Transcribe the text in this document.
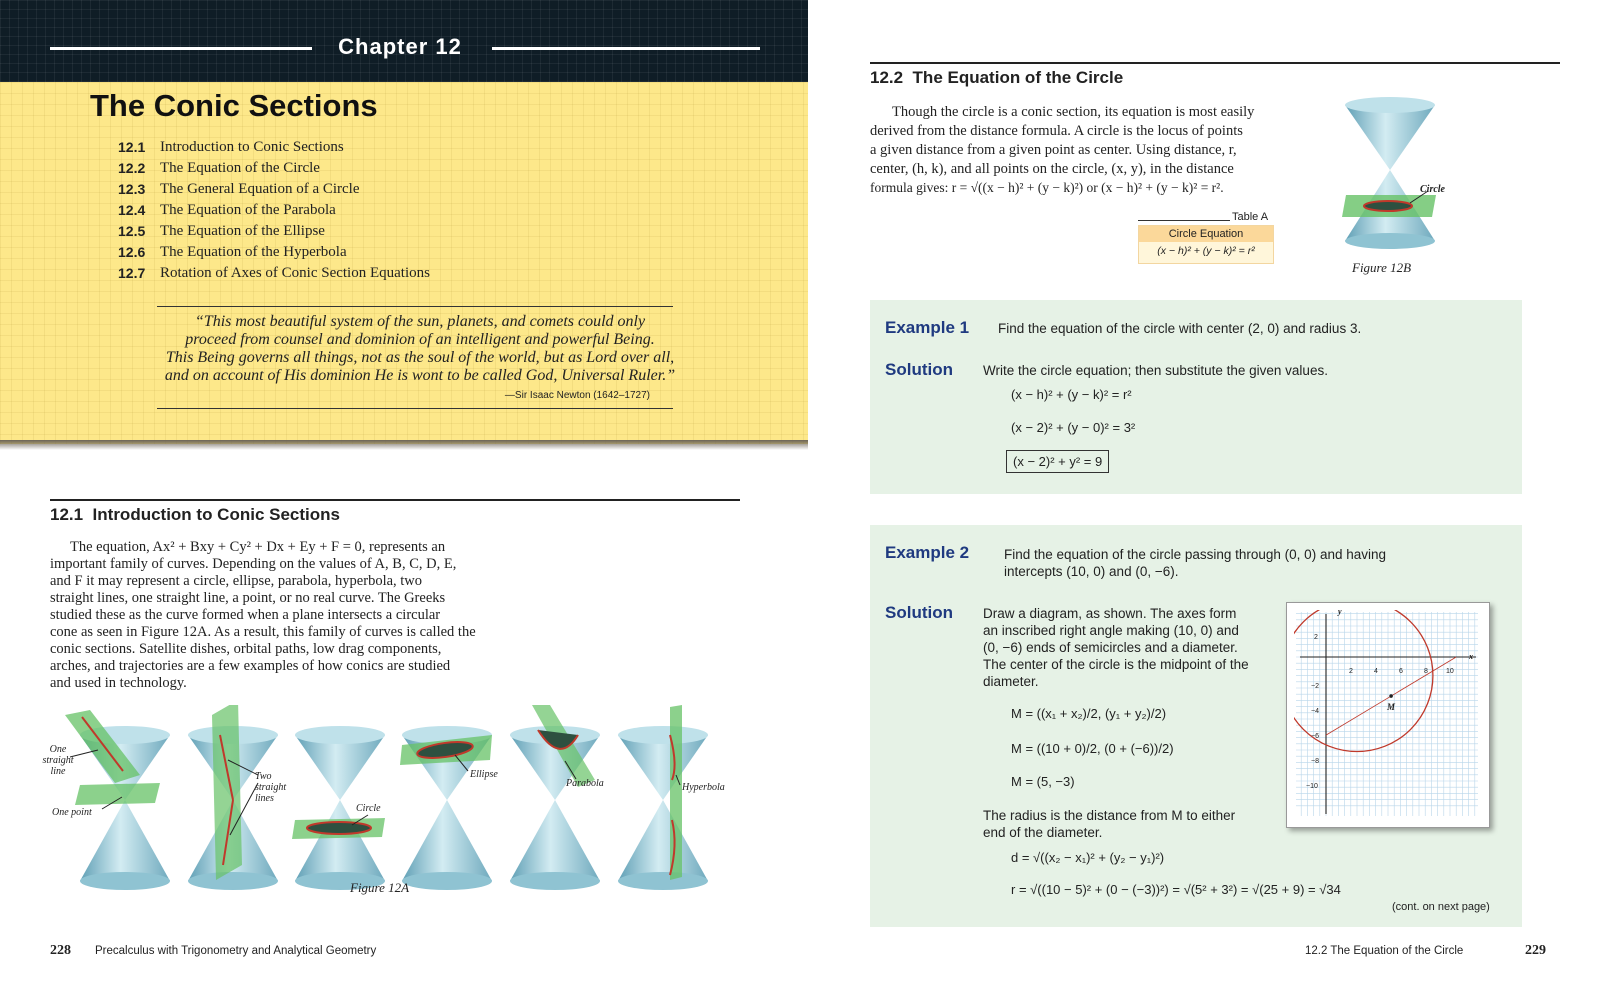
Chapter 12
The Conic Sections
12.1 Introduction to Conic Sections
12.2 The Equation of the Circle
12.3 The General Equation of a Circle
12.4 The Equation of the Parabola
12.5 The Equation of the Ellipse
12.6 The Equation of the Hyperbola
12.7 Rotation of Axes of Conic Section Equations
“This most beautiful system of the sun, planets, and comets could only
proceed from counsel and dominion of an intelligent and powerful Being.
This Being governs all things, not as the soul of the world, but as Lord over all,
and on account of His dominion He is wont to be called God, Universal Ruler.”
—Sir Isaac Newton (1642–1727)
12.1 Introduction to Conic Sections
The equation, Ax² + Bxy + Cy² + Dx + Ey + F = 0, represents an
important family of curves. Depending on the values of A, B, C, D, E,
and F it may represent a circle, ellipse, parabola, hyperbola, two
straight lines, one straight line, a point, or no real curve. The Greeks
studied these as the curve formed when a plane intersects a circular
cone as seen in Figure 12A. As a result, this family of curves is called the
conic sections. Satellite dishes, orbital paths, low drag components,
arches, and trajectories are a few examples of how conics are studied
and used in technology.
One
straight
line
One point
Two
straight
lines
Circle
Ellipse
Parabola	Hyperbola
Figure 12A
228 Precalculus with Trigonometry and Analytical Geometry
12.2 The Equation of the Circle
Though the circle is a conic section, its equation is most easily
derived from the distance formula. A circle is the locus of points
a given distance from a given point as center. Using distance, r,
center, (h, k), and all points on the circle, (x, y), in the distance
formula gives: r = √((x − h)² + (y − k)²) or (x − h)² + (y − k)² = r².
Table A
Circle Equation
(x − h)² + (y − k)² = r²
Circle
Figure 12B
Example 1 Find the equation of the circle with center (2, 0) and radius 3.
Solution Write the circle equation; then substitute the given values.
(x − h)² + (y − k)² = r²
(x − 2)² + (y − 0)² = 3²
(x − 2)² + y² = 9
Example 2	Find the equation of the circle passing through (0, 0) and having
intercepts (10, 0) and (0, −6).
Solution Draw a diagram, as shown. The axes form
an inscribed right angle making (10, 0) and
(0, −6) ends of semicircles and a diameter.
The center of the circle is the midpoint of the
diameter.
M = ((x₁ + x₂)/2, (y₁ + y₂)/2)
M = ((10 + 0)/2, (0 + (−6))/2)
M = (5, −3)
The radius is the distance from M to either
end of the diameter.
d = √((x₂ − x₁)² + (y₂ − y₁)²)
r = √((10 − 5)² + (0 − (−3))²) = √(5² + 3²) = √(25 + 9) = √34
(cont. on next page)
y
x
M
2	4	6	8	10
2
−2
−4
−6
−8
−10
12.2 The Equation of the Circle	229
